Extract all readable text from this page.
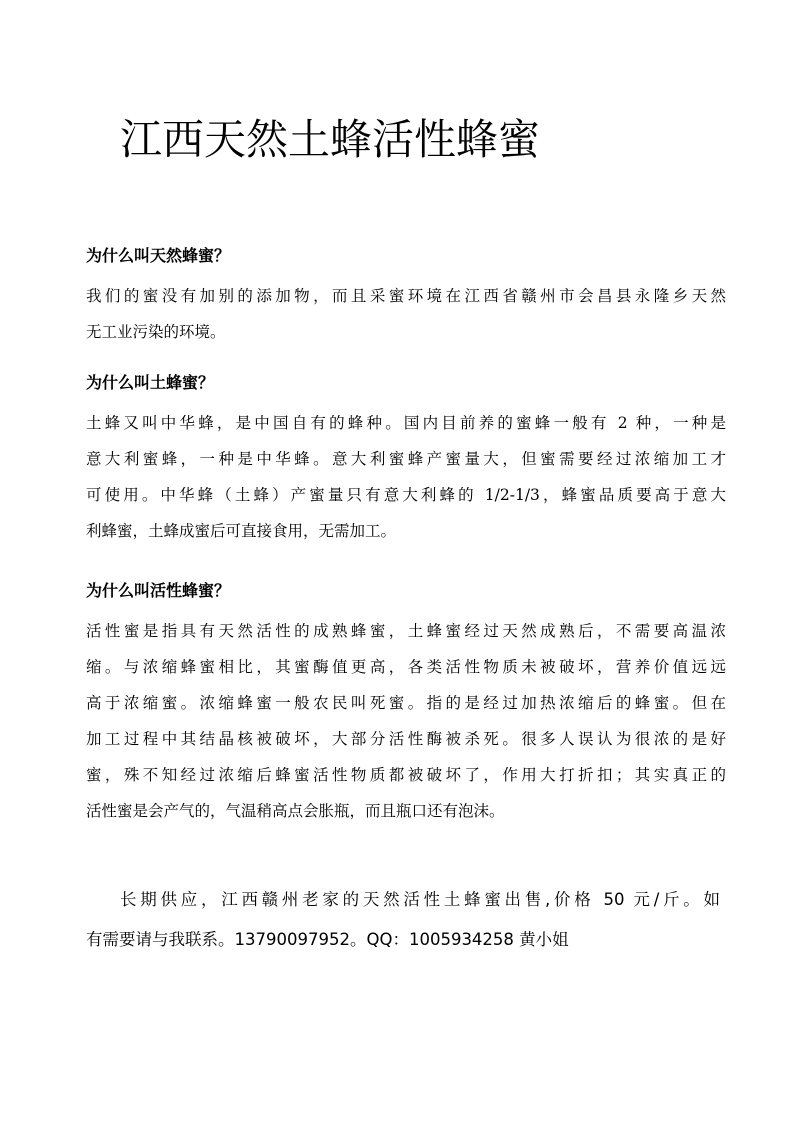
江西天然土蜂活性蜂蜜
为什么叫天然蜂蜜？
我们的蜜没有加别的添加物，而且采蜜环境在江西省赣州市会昌县永隆乡天然
无工业污染的环境。
为什么叫土蜂蜜？
土蜂又叫中华蜂，是中国自有的蜂种。国内目前养的蜜蜂一般有 2 种，一种是
意大利蜜蜂，一种是中华蜂。意大利蜜蜂产蜜量大，但蜜需要经过浓缩加工才
可使用。中华蜂（土蜂）产蜜量只有意大利蜂的 1/2-1/3，蜂蜜品质要高于意大
利蜂蜜，土蜂成蜜后可直接食用，无需加工。
为什么叫活性蜂蜜？
活性蜜是指具有天然活性的成熟蜂蜜，土蜂蜜经过天然成熟后，不需要高温浓
缩。与浓缩蜂蜜相比，其蜜酶值更高，各类活性物质未被破坏，营养价值远远
高于浓缩蜜。浓缩蜂蜜一般农民叫死蜜。指的是经过加热浓缩后的蜂蜜。但在
加工过程中其结晶核被破坏，大部分活性酶被杀死。很多人误认为很浓的是好
蜜，殊不知经过浓缩后蜂蜜活性物质都被破坏了，作用大打折扣；其实真正的
活性蜜是会产气的，气温稍高点会胀瓶，而且瓶口还有泡沫。
长期供应，江西赣州老家的天然活性土蜂蜜出售,价格 50 元/斤。如
有需要请与我联系。13790097952。QQ：1005934258 黄小姐
